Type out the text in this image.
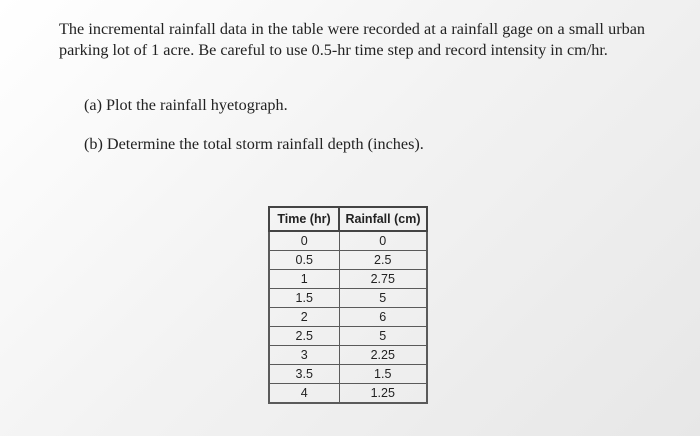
The incremental rainfall data in the table were recorded at a rainfall gage on a small urban parking lot of 1 acre. Be careful to use 0.5-hr time step and record intensity in cm/hr.
(a) Plot the rainfall hyetograph.
(b) Determine the total storm rainfall depth (inches).
Time (hr)	Rainfall (cm)
0	0
0.5	2.5
1	2.75
1.5	5
2	6
2.5	5
3	2.25
3.5	1.5
4	1.25
